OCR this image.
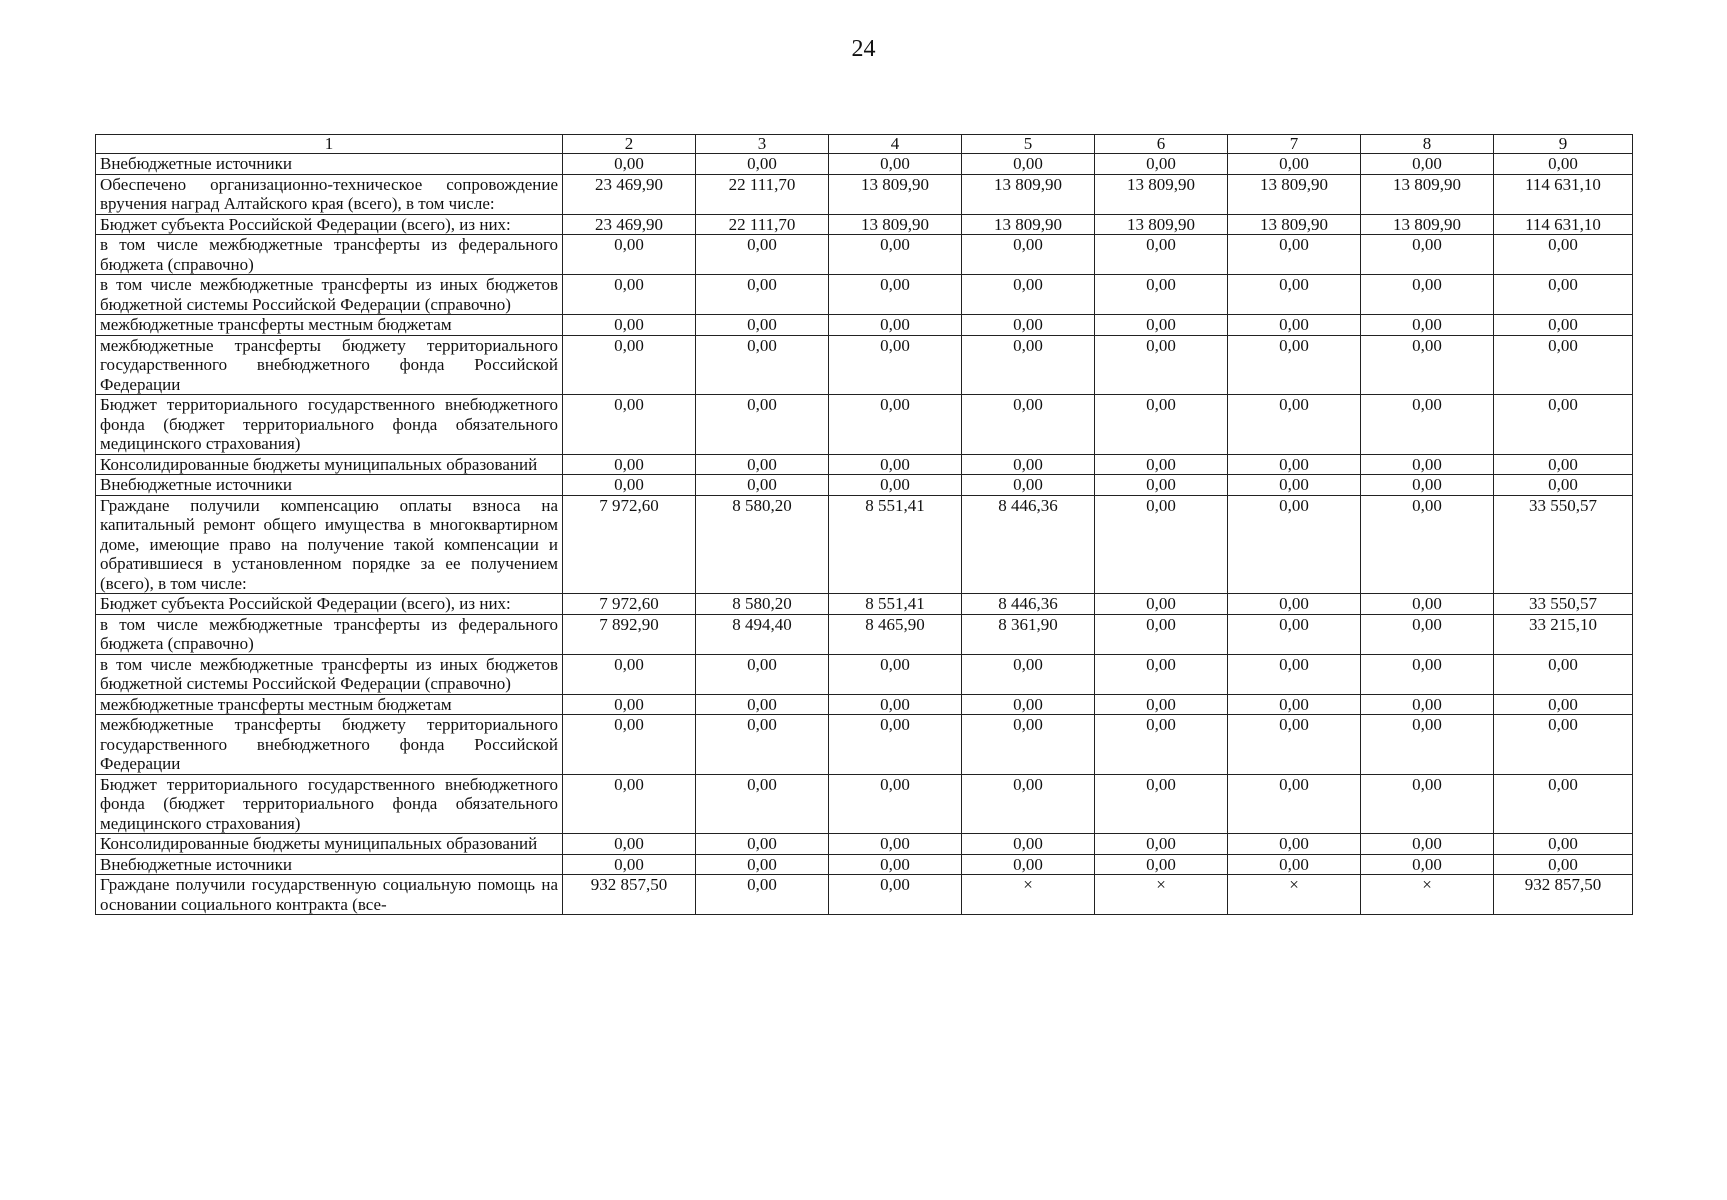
24
1	2	3	4	5	6	7	8	9
Внебюджетные источники	0,00	0,00	0,00	0,00	0,00	0,00	0,00	0,00
Обеспечено организационно-техническое сопровождение вручения наград Алтайского края (всего), в том числе:	23 469,90	22 111,70	13 809,90	13 809,90	13 809,90	13 809,90	13 809,90	114 631,10
Бюджет субъекта Российской Федерации (всего), из них:	23 469,90	22 111,70	13 809,90	13 809,90	13 809,90	13 809,90	13 809,90	114 631,10
в том числе межбюджетные трансферты из федерального бюджета (справочно)	0,00	0,00	0,00	0,00	0,00	0,00	0,00	0,00
в том числе межбюджетные трансферты из иных бюджетов бюджетной системы Российской Федерации (справочно)	0,00	0,00	0,00	0,00	0,00	0,00	0,00	0,00
межбюджетные трансферты местным бюджетам	0,00	0,00	0,00	0,00	0,00	0,00	0,00	0,00
межбюджетные трансферты бюджету территориального государственного внебюджетного фонда Российской Федерации	0,00	0,00	0,00	0,00	0,00	0,00	0,00	0,00
Бюджет территориального государственного внебюджетного фонда (бюджет территориального фонда обязательного медицинского страхования)	0,00	0,00	0,00	0,00	0,00	0,00	0,00	0,00
Консолидированные бюджеты муниципальных образований	0,00	0,00	0,00	0,00	0,00	0,00	0,00	0,00
Внебюджетные источники	0,00	0,00	0,00	0,00	0,00	0,00	0,00	0,00
Граждане получили компенсацию оплаты взноса на капитальный ремонт общего имущества в многоквартирном доме, имеющие право на получение такой компенсации и обратившиеся в установленном порядке за ее получением (всего), в том числе:	7 972,60	8 580,20	8 551,41	8 446,36	0,00	0,00	0,00	33 550,57
Бюджет субъекта Российской Федерации (всего), из них:	7 972,60	8 580,20	8 551,41	8 446,36	0,00	0,00	0,00	33 550,57
в том числе межбюджетные трансферты из федерального бюджета (справочно)	7 892,90	8 494,40	8 465,90	8 361,90	0,00	0,00	0,00	33 215,10
в том числе межбюджетные трансферты из иных бюджетов бюджетной системы Российской Федерации (справочно)	0,00	0,00	0,00	0,00	0,00	0,00	0,00	0,00
межбюджетные трансферты местным бюджетам	0,00	0,00	0,00	0,00	0,00	0,00	0,00	0,00
межбюджетные трансферты бюджету территориального государственного внебюджетного фонда Российской Федерации	0,00	0,00	0,00	0,00	0,00	0,00	0,00	0,00
Бюджет территориального государственного внебюджетного фонда (бюджет территориального фонда обязательного медицинского страхования)	0,00	0,00	0,00	0,00	0,00	0,00	0,00	0,00
Консолидированные бюджеты муниципальных образований	0,00	0,00	0,00	0,00	0,00	0,00	0,00	0,00
Внебюджетные источники	0,00	0,00	0,00	0,00	0,00	0,00	0,00	0,00
Граждане получили государственную социальную помощь на основании социального контракта (все-	932 857,50	0,00	0,00	×	×	×	×	932 857,50
